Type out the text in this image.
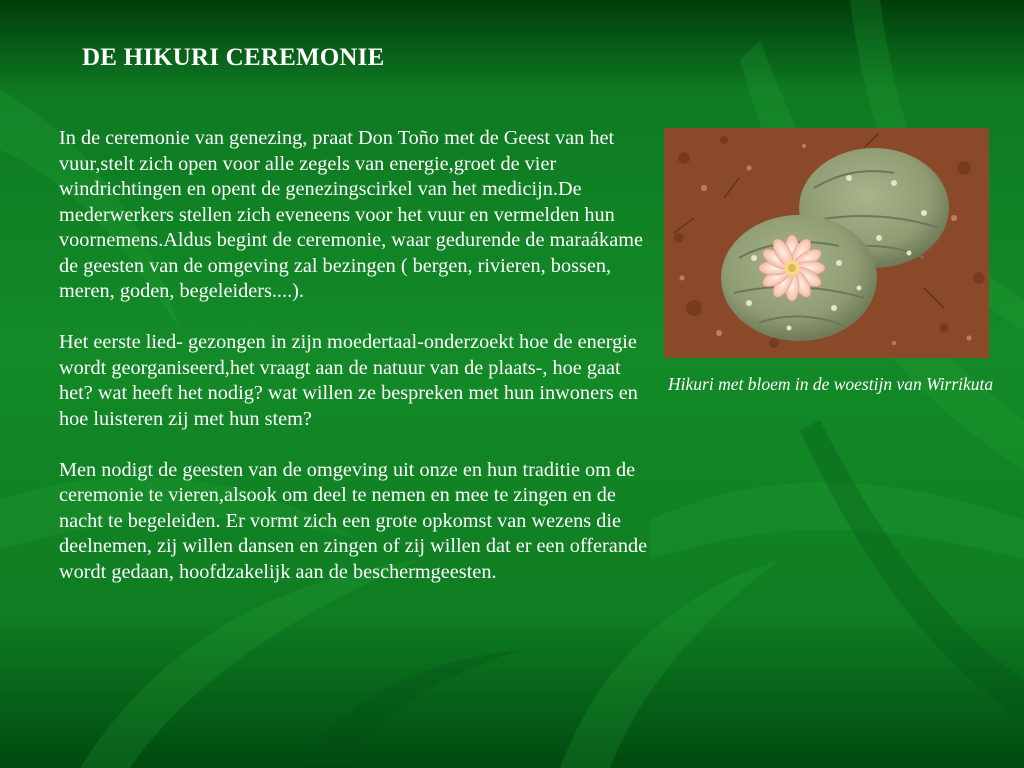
DE HIKURI CEREMONIE

In de ceremonie van genezing, praat Don Toño met de Geest van het vuur,stelt zich open voor alle zegels van energie,groet de vier windrichtingen en opent de genezingscirkel van het medicijn.De mederwerkers stellen zich eveneens voor het vuur en vermelden hun voornemens.Aldus begint de ceremonie, waar gedurende de maraákame de geesten van de omgeving zal bezingen ( bergen, rivieren, bossen, meren, goden, begeleiders....).

Het eerste lied- gezongen in zijn moedertaal-onderzoekt hoe de energie wordt georganiseerd,het vraagt aan de natuur van de plaats-, hoe gaat het? wat heeft het nodig? wat willen ze bespreken met hun inwoners en hoe luisteren zij met hun stem?

Men nodigt de geesten van de omgeving uit onze en hun traditie om de ceremonie te vieren,alsook om deel te nemen en mee te zingen en de nacht te begeleiden. Er vormt zich een grote opkomst van wezens die deelnemen, zij willen dansen en zingen of zij willen dat er een offerande wordt gedaan, hoofdzakelijk aan de beschermgeesten.

Hikuri met bloem in de woestijn van Wirrikuta
